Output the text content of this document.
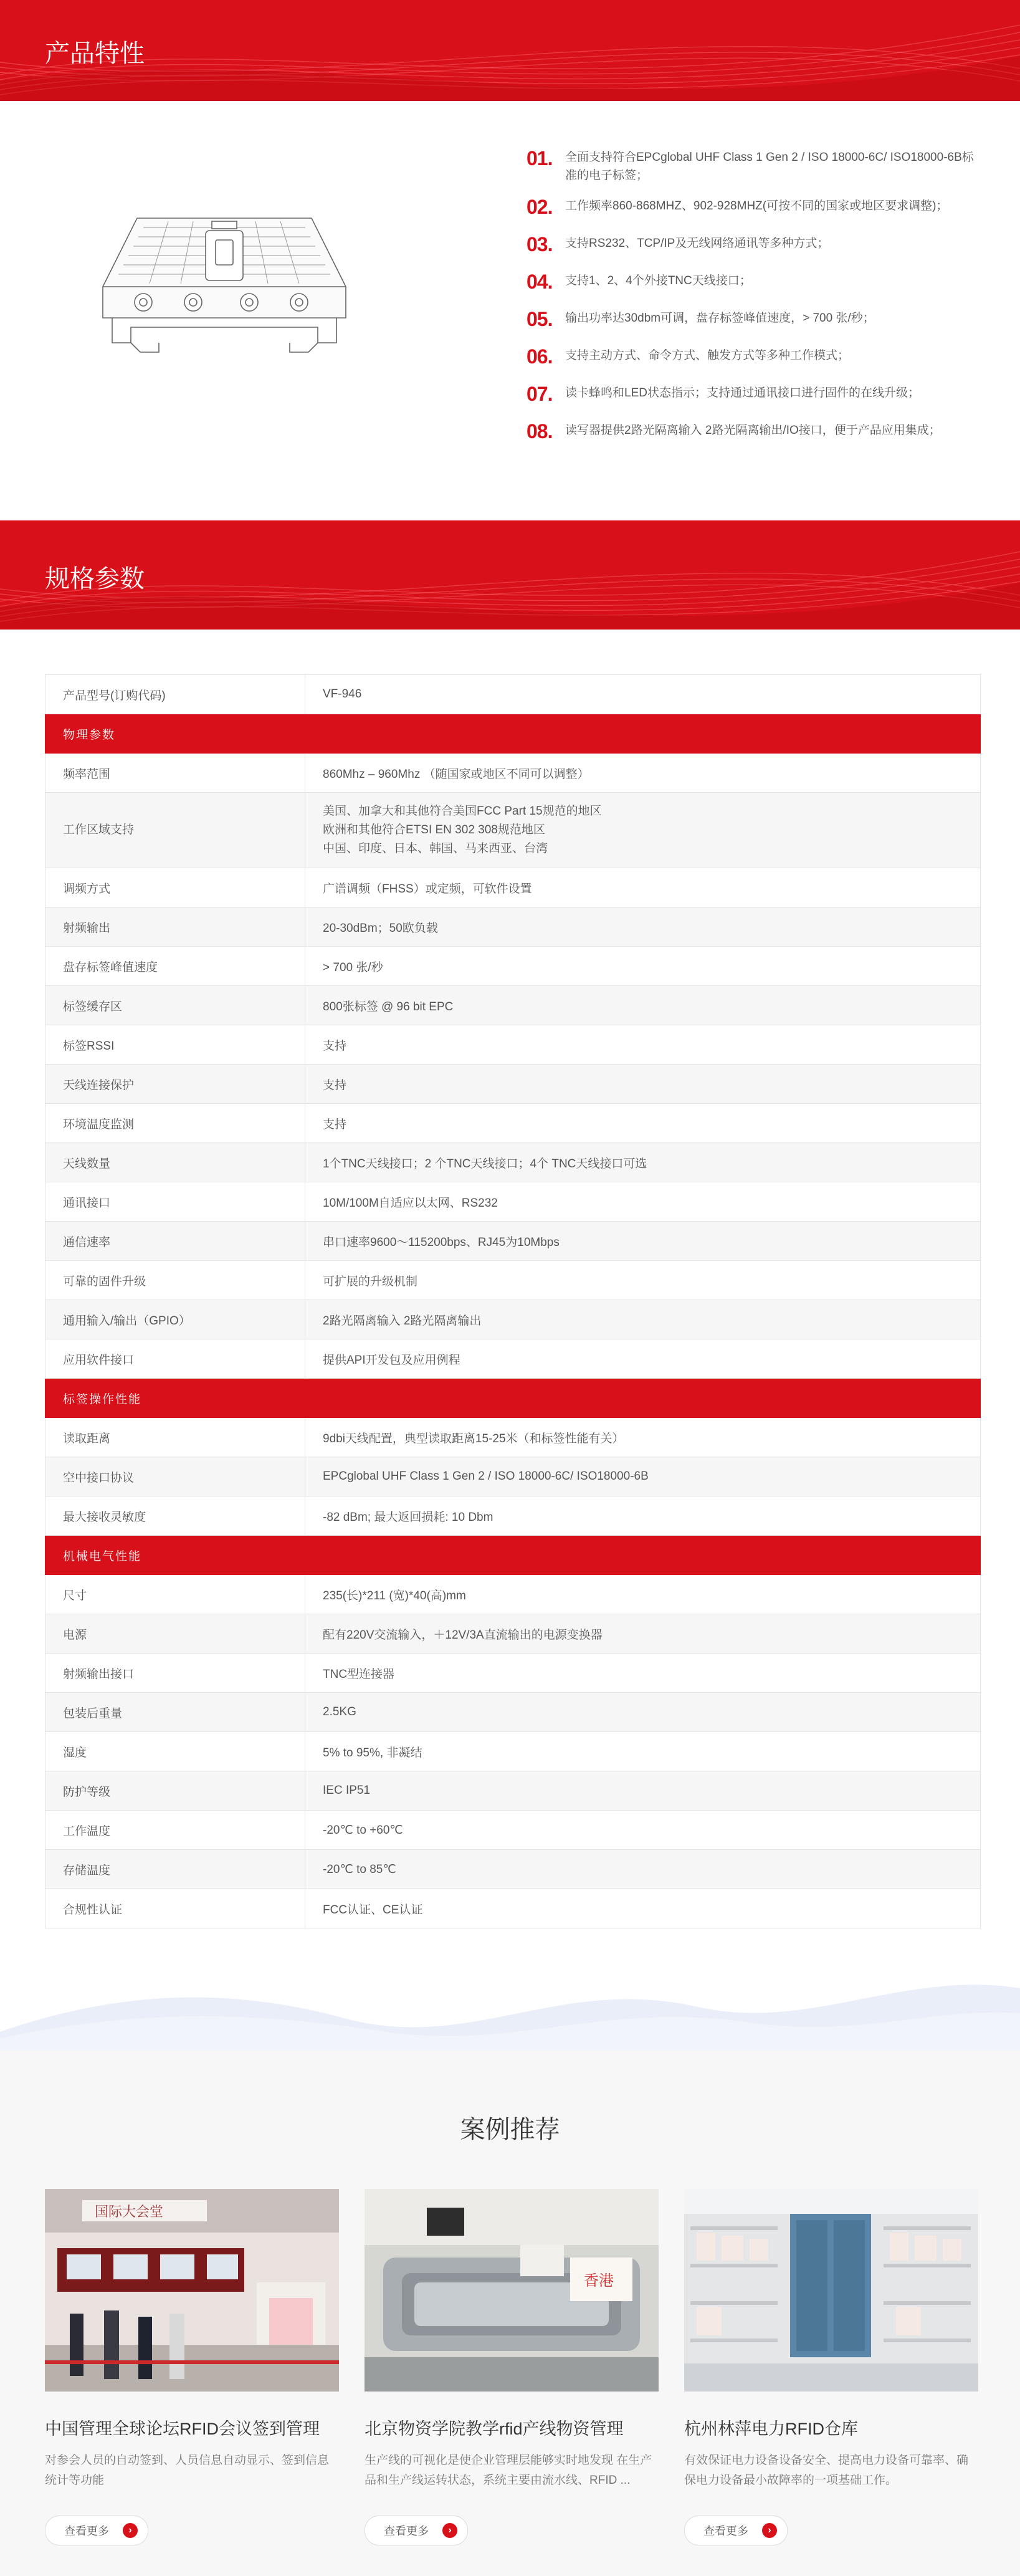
产品特性
01. 全面支持符合EPCglobal UHF Class 1 Gen 2 / ISO 18000-6C/ ISO18000-6B标准的电子标签；
02. 工作频率860-868MHZ、902-928MHZ(可按不同的国家或地区要求调整)；
03. 支持RS232、TCP/IP及无线网络通讯等多种方式；
04. 支持1、2、4个外接TNC天线接口；
05. 输出功率达30dbm可调，盘存标签峰值速度，> 700 张/秒；
06. 支持主动方式、命令方式、触发方式等多种工作模式；
07. 读卡蜂鸣和LED状态指示；支持通过通讯接口进行固件的在线升级；
08. 读写器提供2路光隔离输入 2路光隔离输出/IO接口，便于产品应用集成；
规格参数
产品型号(订购代码)	VF-946
物理参数	
频率范围	860Mhz – 960Mhz （随国家或地区不同可以调整）
工作区域支持	美国、加拿大和其他符合美国FCC Part 15规范的地区
欧洲和其他符合ETSI EN 302 308规范地区
中国、印度、日本、韩国、马来西亚、台湾

调频方式	广谱调频（FHSS）或定频，可软件设置
射频输出	20-30dBm；50欧负载
盘存标签峰值速度	> 700 张/秒
标签缓存区	800张标签 @ 96 bit EPC
标签RSSI	支持
天线连接保护	支持
环境温度监测	支持
天线数量	1个TNC天线接口；2 个TNC天线接口；4个 TNC天线接口可选
通讯接口	10M/100M自适应以太网、RS232
通信速率	串口速率9600～115200bps、RJ45为10Mbps
可靠的固件升级	可扩展的升级机制
通用输入/输出（GPIO）	2路光隔离输入 2路光隔离输出
应用软件接口	提供API开发包及应用例程
标签操作性能	
读取距离	9dbi天线配置，典型读取距离15-25米（和标签性能有关）
空中接口协议	EPCglobal UHF Class 1 Gen 2 / ISO 18000-6C/ ISO18000-6B
最大接收灵敏度	-82 dBm; 最大返回损耗: 10 Dbm
机械电气性能	
尺寸	235(长)*211 (宽)*40(高)mm
电源	配有220V交流输入，＋12V/3A直流输出的电源变换器
射频输出接口	TNC型连接器
包装后重量	2.5KG
湿度	5% to 95%, 非凝结
防护等级	IEC IP51
工作温度	-20℃ to +60℃
存储温度	-20℃ to 85℃
合规性认证	FCC认证、CE认证
案例推荐
国际大会堂
中国管理全球论坛RFID会议签到管理

对参会人员的自动签到、人员信息自动显示、签到信息统计等功能

查看更多	›
香港
北京物资学院教学rfid产线物资管理

生产线的可视化是使企业管理层能够实时地发现 在生产品和生产线运转状态，系统主要由流水线、RFID ...

查看更多	›
杭州林萍电力RFID仓库

有效保证电力设备设备安全、提高电力设备可靠率、确保电力设备最小故障率的一项基础工作。

查看更多	›
